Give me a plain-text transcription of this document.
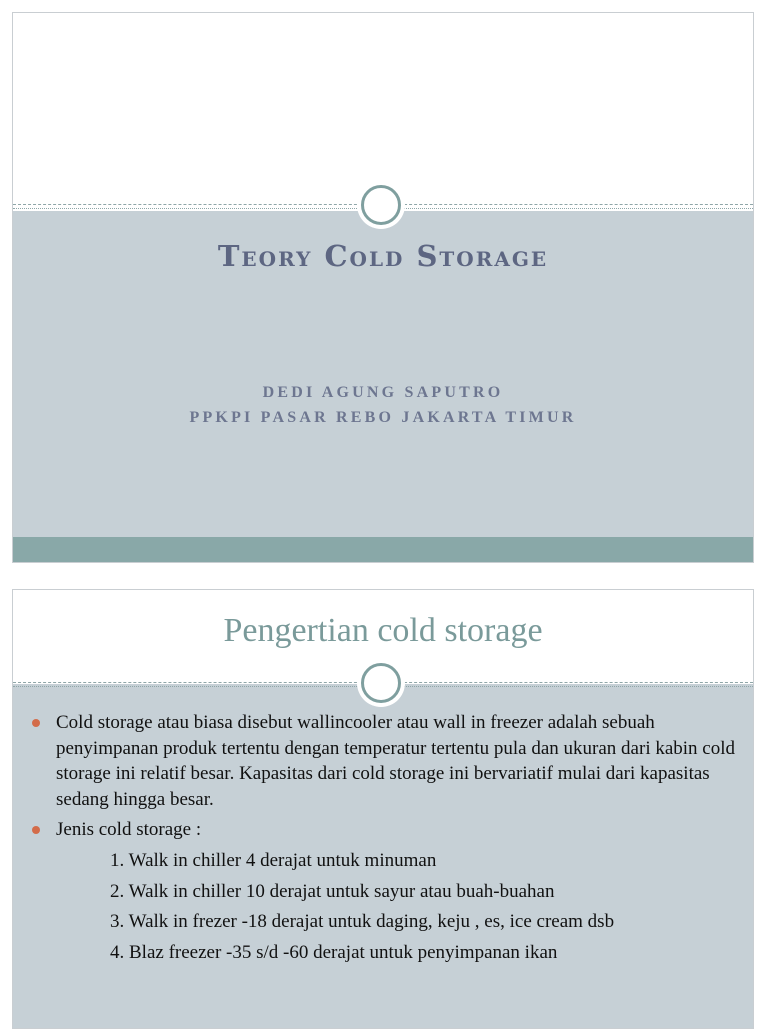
Teory Cold Storage
DEDI AGUNG SAPUTRO
PPKPI PASAR REBO JAKARTA TIMUR
Pengertian cold storage
Cold storage atau biasa disebut wallincooler atau wall in freezer adalah sebuah penyimpanan produk tertentu dengan temperatur tertentu pula dan ukuran dari kabin cold storage ini relatif besar. Kapasitas dari cold storage ini bervariatif mulai dari kapasitas sedang hingga besar.
Jenis cold storage :
1. Walk in chiller 4 derajat untuk minuman
2. Walk in chiller 10 derajat untuk sayur atau buah-buahan
3. Walk in frezer -18 derajat untuk daging, keju , es, ice cream dsb
4. Blaz freezer -35 s/d -60 derajat untuk penyimpanan ikan
